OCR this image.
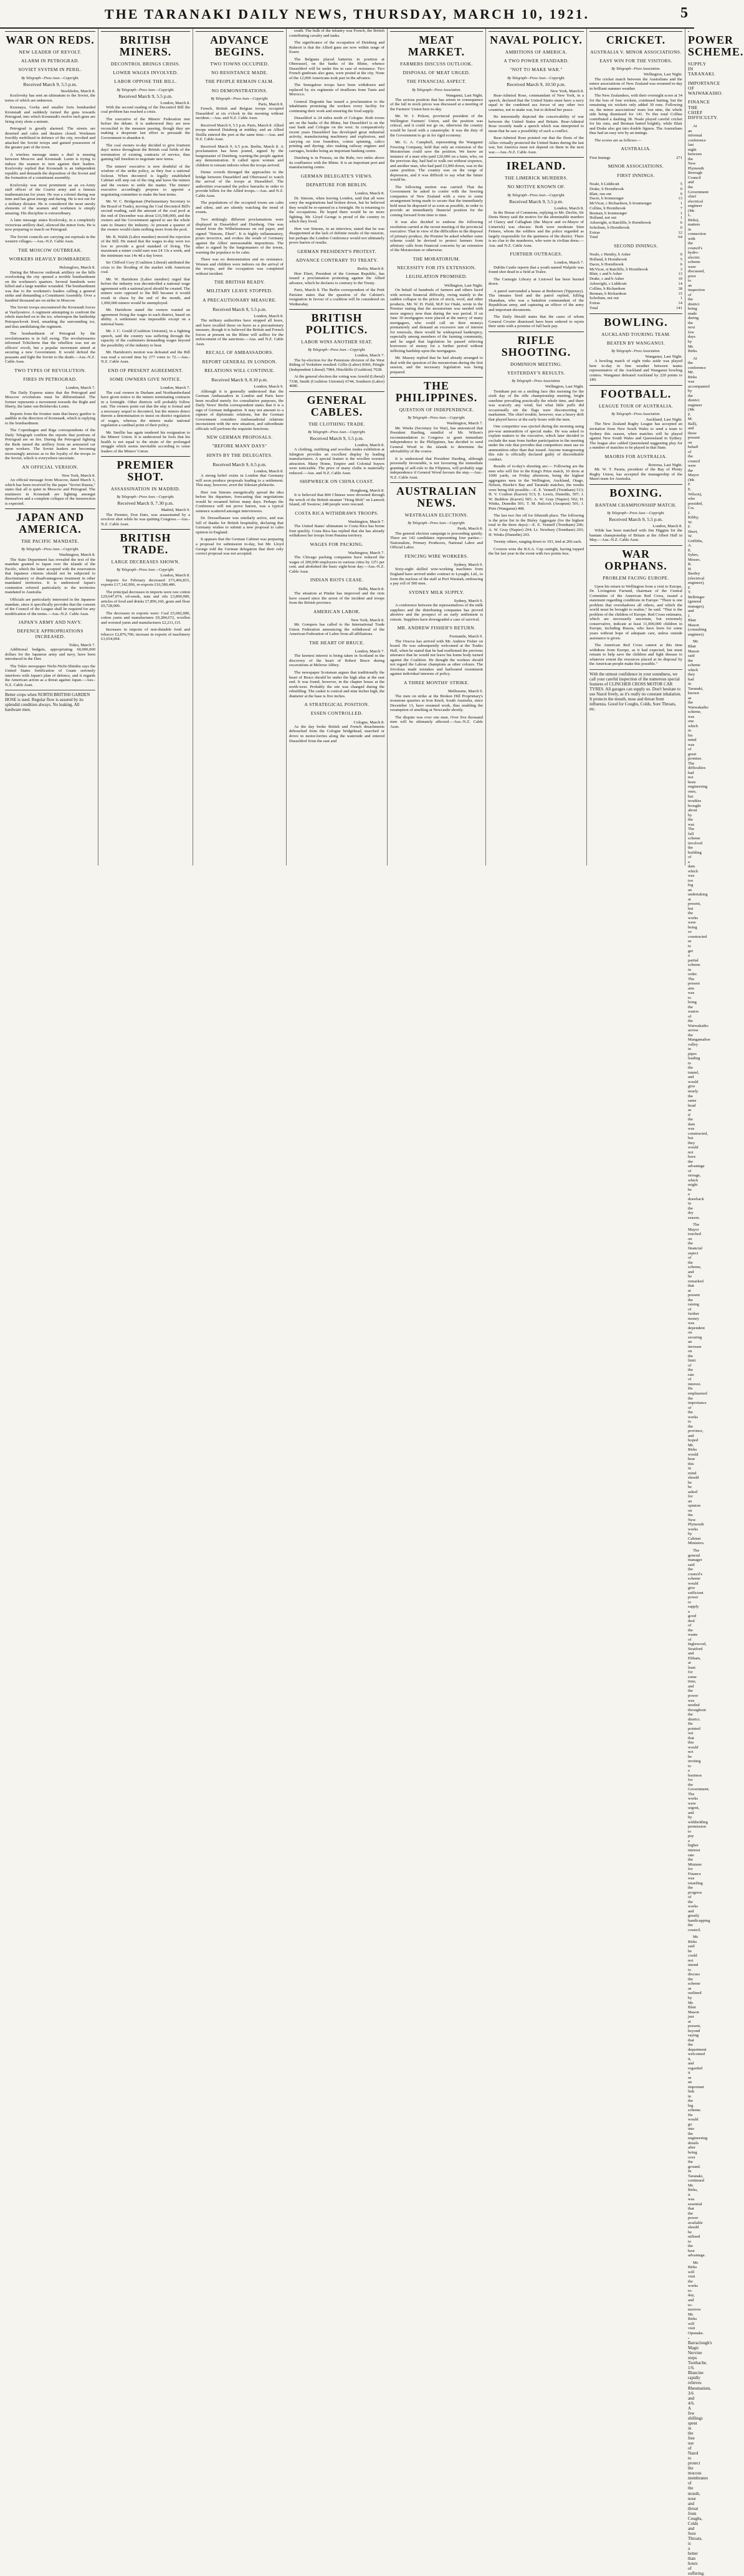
THE TARANAKI DAILY NEWS, THURSDAY, MARCH 10, 1921.	5
WAR ON REDS.
NEW LEADER OF REVOLT.
ALARM IN PETROGRAD.
SOVIET SYSTEM IN PERIL.
By Telegraph—Press Assn.—Copyright.
Received March 9, 5.5 p.m.
Stockholm, March 8.

Kozlovsky has sent an ultimatum to the Soviet, the terms of which are unknown.

Krasnaya, Gorka and smaller forts bombarded Kronstadt and suddenly turned the guns towards Petrograd, into which Kronstadt's twelve inch guns are firing sixty shots a minute.

Petrograd is greatly alarmed. The streets are deserted and cafes and theatres closed. Workmen forcibly mobilised in defence of the city, revolted and attacked the Soviet troops and gained possession of the greater part of the town.

A wireless message states a duel is ensuing between Moscow and Kronstadt. Lenin is trying to induce the seamen to turn against their leaders. Kozlovsky replied that Kronstadt is an independent republic and demands the deposition of the Soviet and the formation of a constituent assembly.

Kozlovsky was most prominent as an ex-Army staff officer of the Czarist army and a famous mathematician for years. He was a colonel during war time and has great energy and daring. He is not out for a military dictator. He is considered the most unruly elements of the seamen and workmen is simply amazing. His discipline is extraordinary.

A later message states Kozlovsky, in a completely victorious artillery duel, silenced the minor forts. He is now preparing to march on Petrograd.

The Soviet councils are carrying out reprisals in the western villages.—Aus.-N.Z. Cable Assn.

THE MOSCOW OUTBREAK.
WORKERS HEAVILY BOMBARDED.
Helsingfors, March 8.

During the Moscow outbreak artillery on the hills overlooking the city opened a terrible bombardment on the workmen's quarters. Several hundreds were killed and a large number wounded. The bombardment was due to the workmen's leaders calling a general strike and demanding a Constituent Assembly. Over a hundred thousand are on strike in Moscow.

The Soviet troops encountered the Kronstadt forces at Vasilyostrov. A regiment attempting to confront the rebels marched on to the ice, whereupon the battleship Petropavlovsk fired, smashing the surrounding ice, and thus annihilating the regiment.

The bombardment of Petrograd by the revolutionaries is in full swing. The revolutionaries informed Tchicherin that the rebellion was not an officers' revolt, but a popular movement aimed at securing a new Government. It would defend the peasants and fight the Soviet to the death.—Aus.-N.Z. Cable Assn.

TWO TYPES OF REVOLUTION.
FIRES IN PETROGRAD.
London, March 7.

The Daily Express states that the Petrograd and Moscow revolutions must be differentiated. The former represents a movement towards the Right and liberty, the latter out-Bolsheviks Lenin.

Reports from the frontier state that heavy gunfire is audible in the direction of Kronstadt, which is replying to the bombardment.

The Copenhagen and Riga correspondents of the Daily Telegraph confirm the reports that portions of Petrograd are on fire. During the Petrograd fighting the Reds turned the artillery from an armoured car upon workers. The Soviet leaders are becoming increasingly anxious as to the loyalty of the troops to the Soviet, which is everywhere uncertain.

AN OFFICIAL VERSION.
New York, March 8.

An official message from Moscow, dated March 3, which has been received by the paper "Soviet Russia," states that all is quiet in Moscow and Petrograd. The mutineers in Kronstadt are fighting amongst themselves and a complete collapse of the insurrection is expected.

JAPAN AND AMERICA.
THE PACIFIC MANDATE.
By Telegraph—Press Assn.—Copyright.
Washington, March 8.

The State Department has revealed the text of the mandate granted to Japan over the islands of the Pacific, which the latter accepted with the reservation that Japanese citizens should not be subjected to discriminatory or disadvantageous treatment in other mandated territories. It is understood Japan's contention referred particularly to the territories mandated to Australia.

Officials are particularly interested in the Japanese mandate, since it specifically provides that the consent of the Council of the League shall be required for any modification of the terms.—Aus.-N.Z. Cable Assn.

JAPAN'S ARMY AND NAVY.
DEFENCE APPROPRIATIONS INCREASED.
Tokio, March 7.

Additional budgets, appropriating 60,000,000 dollars for the Japanese army and navy, have been introduced in the Diet.

The Tokio newspaper Nichi-Nichi-Shimbu says the United States fortification of Guam seriously interferes with Japan's plan of defence, and it regards the American action as a threat against Japan.—Aus.-N.Z. Cable Assn.

Better crops when NORTH BRITISH GARDEN HOSE is used. Regular flow is assured by its splendid condition always. No leaking. All hardware men.
BRITISH MINERS.
DECONTROL BRINGS CRISIS.
LOWER WAGES INVOLVED.
LABOR OPPOSE THE BILL.
By Telegraph—Press Assn.—Copyright.
Received March 9, 5.5 p.m.
London, March 8.

With the second reading of the Decontrol Bill the coal problem has reached a crisis.

The executive of the Miners' Federation met before the debate. It is understood they are now reconciled to the measure passing, though they are making a desperate last effort to persuade the Government to abandon it.

The coal owners to-day decided to give fourteen days' notice throughout the British coal fields of the termination of existing contracts of service, thus gaining full freedom to negotiate new terms.

The miners' executive is now doubtful of the wisdom of the strike policy, as they fear a national lockout. When decontrol is legally established Cabinet will step out of the ring and leave the miners and the owners to settle the matter. The miners' executive accordingly propose to appoint a negotiating committee to make the best terms.

Mr. W. C. Bridgeman (Parliamentary Secretary to the Board of Trade), moving the Coal Decontrol Bill's second reading, said the amount of the coal pool at the end of December was about £16,500,000, and the owners and the Government agreed to use the whole sum to finance the industry. At present a quarter of the owners would claim nothing more from the pool.

Mr. R. Walsh (Labor member) moved the rejection of the Bill. He stated that the wages to-day were too low to provide a good standard of living. The maximum a miner could earn was £4 13s a week, and the minimum was 14s 4d a day lower.

Sir Clifford Cory (Coalition Liberal) attributed the crisis to the flooding of the market with American coal.

Mr. W. Hartshorn (Labor member) urged that before the industry was decontrolled a national wage agreement with a national pool should be created. The miners were opposed to the Bill because it would result in chaos by the end of the month, and 1,000,000 miners would be unemployed.

Mr. Hartshorn stated the owners wanted an agreement fixing the wages in each district, based on ability. A settlement was impossible except on a national basis.

Mr. J. C. Gould (Coalition Unionist), in a fighting speech, said the country was suffering through the rapacity of the coalminers demanding wages beyond the possibility of the industry to bear.

Mr. Hartshorn's motion was defeated and the Bill was read a second time by 277 votes to 72.—Aus.-N.Z. Cable Assn.

END OF PRESENT AGREEMENT.
SOME OWNERS GIVE NOTICE.
London, March 7.

The coal owners in Durham and Northumberland have given notice to the miners terminating contracts in a fortnight. Other districts will probably follow suit. The owners point out that the step is formal and a necessary sequel to decontrol, but the miners detect therein a determination to insist on district regulation of wages, whereas the miners make national regulation a cardinal point of their policy.

Mr. Smillie has again tendered his resignation to the Miners' Union. It is understood he feels that his health is not equal to the strain of the prolonged struggle which seems inevitable according to some leaders of the Miners' Union.

PREMIER SHOT.
ASSASSINATION IN MADRID.
By Telegraph—Press Assn.—Copyright.
Received March 9, 7.30 p.m.
Madrid, March 9.

The Premier, Don Dato, was assassinated by a revolver shot while he was quitting Congress.—Aus.-N.Z. Cable Assn.

BRITISH TRADE.
LARGE DECREASES SHOWN.
By Telegraph—Press Assn.—Copyright.
London, March 8.

Imports for February decreased £73,466,815, exports £17,142,996, re-exports £16,580,486.

The principal decreases in imports were raw cotton £29,647,074, oil-seeds, nuts and oils £3,890,000, articles of food and drinks £7,896,160, grain and flour £9,728,000.

The decreases in exports were: Coal £5,682,000, cotton yarns and manufactures £9,284,672, woollen and worsted yarns and manufactures £2,211,115.

Increases in imports of non-dutiable food and tobacco £2,876,706; increase in exports of machinery £3,654,094.

ADVANCE BEGINS.
TWO TOWNS OCCUPIED.
NO RESISTANCE MADE.
THE PEOPLE REMAIN CALM.
NO DEMONSTRATIONS.
By Telegraph—Press Assn.—Copyright.
Paris, March 8.

French, British and Belgian troops occupied Dusseldorf at six o'clock in the morning without incident.—Aus. and N.Z. Cable Assn.

Received March 9, 5.5 p.m. Paris, March 8. Allied troops entered Duisberg at midday, and an Allied flotilla entered the port at the same time.—Aus. and N.Z. Cable Assn.

Received March 9, 6.5 p.m. Berlin, March 8. A proclamation has been posted, signed by the burgomaster of Duisberg, warning the people against any demonstration. It called upon women and children to remain indoors when the troops arrived.

Dense crowds thronged the approaches to the bridge between Dusseldorf and Oberrassel to watch the arrival of the troops at Dusseldorf. The authorities evacuated the police barracks in order to provide billets for the Allied troops.—Aus. and N.Z. Cable Assn.

The populations of the occupied towns are calm and silent, and are silently watching the trend of events.

Two strikingly different proclamations were displayed in Dusseldorf and Duisberg. One was issued from the Wilhelmstrasse on red paper, and signed "Simons, Ebert". It is highly inflammatory, pours invective, and evokes the wrath of Germany against the Allies' unreasonable impositions. The other is signed by the burgomasters of the towns, warning the populace to be calm.

There was no demonstration and no resistance. Women and children were indoors on the arrival of the troops, and the occupation was completed without incident.

THE BRITISH READY.
MILITARY LEAVE STOPPED.
A PRECAUTIONARY MEASURE.
Received March 9, 5.5 p.m.
London, March 8.

The military authorities have stopped all leave, and have recalled those on leave as a precautionary measure, though it is believed the British and French forces at present on the Rhine will suffice for the enforcement of the sanctions.—Aus. and N.Z. Cable Assn.

RECALL OF AMBASSADORS.
REPORT GENERAL IN LONDON.
RELATIONS WILL CONTINUE.
Received March 9, 8.10 p.m.
London, March 9.

Although it is generally understood that the German Ambassadors in London and Paris have been recalled merely for consultative purposes, the Daily News' Berlin correspondent states that it is a sign of German indignation. It may not amount to a rupture of diplomatic relations, but the German Government considers Ambassadorial relations inconsistent with the new situation, and subordinate officials will perform the requisite functions.

NEW GERMAN PROPOSALS.
"BEFORE MANY DAYS"
HINTS BY THE DELEGATES.
Received March 9, 6.5 p.m.
London, March 8.

A strong belief exists in London that Germany will soon produce proposals leading to a settlement. This may, however, avert the Silesian plebiscite.

Herr von Simons energetically spread the idea before his departure, forecasting that negotiations would be resumed before many days. Perhaps the Conference will not prove barren, was a typical sentence scattered amongst interviewers.

Dr. Dresselhauser was similarly active, and was full of thanks for British hospitality, declaring that Germany wishes to submit a new proposal to calm opinion in England.

It appears that the German Cabinet was preparing a proposal for submission to-day, but Mr. Lloyd George told the German delegation that their only correct proposal was not accepted.

south. The bulk of the infantry was French, the British contributing cavalry and tanks.

The significance of the occupation of Duisberg and Ruhrort is that the Allied guns are now within range of Essen.

The Belgians placed batteries in position at Oberrassel, on the banks of the Rhine, whence Dusseldorf will be under fire in case of resistance. Two French gunboats also guns, were posted at the city. None of the 12,000 Americans took part in the advance.

The Senegalese troops have been withdrawn and replaced by six regiments of tirailleurs from Tunis and Morocco.

General Degoutte has issued a proclamation to the inhabitants promising the workers every facility for continuing their work and ensuring the food supply.

Dusseldorf is 24 miles north of Cologne. Both towns are on the banks of the Rhine, but Dusseldorf is on the east bank and Cologne on the west. In comparatively recent years Dusseldorf has developed great industrial activity, manufacturing machinery and explosives, and carrying on iron foundries, cotton spinning, calico printing and dyeing; also making railway engines and carriages, besides being an important banking centre.

Duisberg is in Prussia, on the Ruhr, two miles above its confluence with the Rhine. It is an important port and manufacturing centre.

GERMAN DELEGATE'S VIEWS.
DEPARTURE FOR BERLIN.
London, March 8.

Dr. Simons, when leaving London, said that all were sorry the negotiations had broken down, but he believed they would be re-opened in a fortnight. He is returning to the occupations. He hoped there would be no more fighting. Mr. Lloyd George is proud of the country in which they lived.

Herr von Simons, in an interview, stated that he was disappointed at the lack of definite results of the mission, but perhaps the London Conference would not ultimately prove barren of results.

GERMAN PRESIDENT'S PROTEST.
ADVANCE CONTRARY TO TREATY.
Berlin, March 8.

Herr Ebert, President of the German Republic, has issued a proclamation protesting against the Allied advance, which he declares is contrary to the Treaty.

Paris, March 8. The Berlin correspondent of the Petit Parisien states that the question of the Cabinet's resignation in favour of a coalition will be considered on Wednesday.

BRITISH POLITICS.
LABOR WINS ANOTHER SEAT.
By Telegraph—Press Assn.—Copyright.
London, March 7.

The by-election for the Penistone division of the West Riding of Yorkshire resulted: Gillis (Labor) 8560, Pringle (Independent Liberal) 7984, Hinchliffe (Coalition) 7028.

At the general election the voting was Arnold (Liberal) 7338, Smith (Coalition Unionist) 6744, Southern (Labor) 4686.

GENERAL CABLES.
THE CLOTHING TRADE.
By Telegraph—Press Assn.—Copyright.
Received March 9, 5.5 p.m.
London, March 8.

A clothing, outfitting and woollen trades exhibition at Islington provides an excellent display by leading manufacturers. A special feature is the woollen worsted attraction. Many Home, Empire and Colonial buyers were noticeable. The price of many cloths is materially reduced.—Aus. and N.Z. Cable Assn.

SHIPWRECK ON CHINA COAST.
Hongkong, March 8.

It is believed that 800 Chinese were drowned through the wreck of the British steamer "Hong Moh" on Lamock Island, off Swatow; 248 people were rescued.

COSTA RICA WITHDRAWS TROOPS.
Washington, March 7.

The United States' ultimatum to Costa Rica has borne fruit quickly. Costa Rica has replied that she has already withdrawn her troops from Panama territory.

WAGES FOR PACKING.
Washington, March 7.

The Chicago packing companies have reduced the wages of 200,000 employees in various cities by 12½ per cent. and abolished the basic eight-hour day.—Aus.-N.Z. Cable Assn.

INDIAN RIOTS CEASE.
Delhi, March 8.

The situation at Pindar has improved and the riots have ceased since the arrest of the incident and troops from the British province.

AMERICAN LABOR.
New York, March 8.

Mr. Gompers has called to the International Trade Union Federation announcing the withdrawal of the American Federation of Labor from all affiliations.

THE HEART OF BRUCE.
London, March 7.

The keenest interest is being taken in Scotland in the discovery of the heart of Robert Bruce during excavations at Melrose Abbey.

The newspaper Scotsman argues that traditionally the heart of Bruce should be under the high altar at the east end. It was found, however, in the chapter house at the north-west. Probably the site was changed during the rebuilding. The casket is conical and nine inches high, the diameter at the base is five inches.

A STRATEGICAL POSITION.
ESSEN CONTROLLED.
Cologne, March 8.

As the day broke British and French detachments debouched from the Cologne bridgehead, marched or drove in motor-lorries along the waterside and entered Dusseldorf from the east and

MEAT MARKET.
FARMERS DISCUSS OUTLOOK.
DISPOSAL OF MEAT URGED.
THE FINANCIAL ASPECT.
By Telegraph—Press Association.
Wanganui, Last Night.

The serious position that has arisen in consequence of the fall in stock prices was discussed at a meeting of the Farmers' Union here to-day.

Mr. W. J. Polson, provincial president of the Wellington Farmers' Union, said the position was critical, and it could not go on, otherwise the country would be faced with a catastrophe. It was the duty of the Government to go in for rigid economy.

Mr. G. A. Campbell, representing the Wanganui Freezing Company, held that only an extension of the Moratorium could save the position. We know an instance of a man who paid £20,000 on a farm, who, on the previous day, had had to walk out without sixpence, and another man, who had paid £3,000 down, was in the same position. The country was on the verge of depression, and it was difficult to say what the future would be.

The following motion was carried: That the Government be asked to confer with the freezing companies of New Zealand with a view to some arrangement being made to secure that the immediately held meat be disposed of as soon as possible, in order to provide an immediately financial position for the coming forward from time to time.

It was also decided to endorse the following resolution carried at the recent meeting of the provincial executive: That in view of the difficulties in the disposal of primary produce, the Premier be asked whether some scheme could be devised to protect farmers from arbitrary calls from financial concerns by an extension of the Moratorium or otherwise.

THE MORATORIUM.
NECESSITY FOR ITS EXTENSION.
LEGISLATION PROMISED.
Wellington, Last Night.

On behalf of hundreds of farmers and others faced with serious financial difficulty, owing mainly to the sudden collapse in the prices of stock, wool, and other products, Mr. W. H. Field, M.P. for Otaki, wrote to the Premier stating that the moratorium was needed with more urgency now than during the war period. If on June 30 mortgagees were placed at the mercy of many mortgagees, who could call on their moneys prematurely and demand an excessive rate of interest for renewals, there would be widespread bankruptcy, especially among members of the farming community, and he urged that legislation be passed relieving borrowers of money for a further period without inflicting hardship upon the mortgagees.

Mr. Massey replied that he had already arranged to deal with the question of the moratorium during the first session, and the necessary legislation was being prepared.

THE PHILIPPINES.
QUESTION OF INDEPENDENCE.
By Telegraph—Press Assn.—Copyright.
Washington, March 7.

Mr. Weeks (Secretary for War), has announced that President Harding, mindful of Mr. Wilson's recommendation to Congress to grant immediate independence to the Philippines, has decided to send General Wood to the islands to determine the advisability of the course.

It is understood that President Harding, although personally favourable, is not favouring the immediate granting of self-rule to the Filipinos, will probably urge independence if General Wood favours the step.—Aus.-N.Z. Cable Assn.

AUSTRALIAN NEWS.
WESTRALIAN ELECTIONS.
By Telegraph—Press Assn.—Copyright.
Perth, March 8.

The general election campaign is proceeding quietly. There are 142 candidates representing four parties—Nationalists, Primary Producers, National Labor and Official Labor.

FENCING WIRE WORKERS.
Sydney, March 9.

Sixty-eight skilled wire-working machines from England have arrived under contract to Lysaght, Ltd., to form the nucleus of the staff at Port Waratah, embracing a pay roll of 500 men.

SYDNEY MILK SUPPLY.
Sydney, March 9.

A conference between the representatives of the milk suppliers and the distributing companies has proved abortive and the prospect of an early settlement is remote. Suppliers have downgraded a case of survival.

MR. ANDREW FISHER'S RETURN.
Fremantle, March 9.

The Orsova has arrived with Mr. Andrew Fisher on board. He was subsequently welcomed at the Trades Hall, when he stated that he had reaffirmed the previous utterance that he would not leave his home body turned against the Coalition. He thought the workers should not regard the Labour champions as other colours. The frivolous made mistakes and harboured resentment against individual interests of policy.

A THREE MONTHS' STRIKE.
Melbourne, March 9.

The men on strike at the Broken Hill Proprietary's ironstone quarries at Iron Knob, South Australia, since December 13, have resumed work, thus enabling the resumption of smelting at Newcastle shortly.

The dispute was over one man. Over five thousand men will be ultimately affected.—Aus.-N.Z. Cable Assn.

NAVAL POLICY.
AMBITIONS OF AMERICA.
A TWO POWER STANDARD.
"NOT TO MAKE WAR."
By Telegraph—Press Assn.—Copyright.
Received March 9, 10.50 p.m.
New York, March 8.

Rear-Admiral Rose, commandant of New York, in a speech, declared that the United States must have a navy equal to the combined sea forces of any other two countries, not to make war, but to defend her peace.

He interestedly depicted the conceivability of war between the United States and Britain. Rear-Admiral Rose recently made a speech which was interpreted to mean that he saw a possibility of such a conflict.

Rear-Admiral Rose pointed out that the fleets of the Allies virtually protected the United States during the last war, but America must not depend on them in the next war.—Aus.-N.Z. Cable Assn.

IRELAND.
THE LIMERICK MURDERS.
NO MOTIVE KNOWN OF.
By Telegraph—Press Assn.—Copyright.
Received March 9, 5.5 p.m.
London, March 8.

In the House of Commons, replying to Mr. Devlin, Sir Denis Henry said the motive for the abominable murders of Clancy and Callaghan (the Mayor and ex-Mayor of Limerick) was obscure. Both were moderate Sinn Feiners, whom the soldiers and the police regarded as largely responsible for the quietness of the district. There is no clue to the murderers, who were in civilian dress.—Aus. and N.Z. Cable Assn.

FURTHER OUTRAGES.
London, March 7.

Dublin Castle reports that a youth named Walpole was found shot dead in a field at Tralee.

The Carnegie Library at Listowel has been burned down.

A patrol surrounded a house at Redstown (Tipperary). The inmates fired and the patrol replied, killing Shanahan, who was a battalion commandant of the Republican army, and capturing an officer of the army and important documents.

The Daily Herald states that the cases of whom General Crozier dismissed have been ordered to rejoin their units with a promise of full back pay.

RIFLE SHOOTING.
DOMINION MEETING.
YESTERDAY'S RESULTS.
By Telegraph—Press Association.
Wellington, Last Night.

Trentham put on a smiling face this morning for the sixth day of the rifle championship meeting, bright sunshine prevailing practically the whole time, and there was scarcely any wind, but what little puffs did occasionally stir the flags were disconcerting to marksmen. The chief trouble, however, was a heavy drift that played havoc at the early hours with the men.

One competitor was ejected during the morning using pre-war ammunition of special make. He was asked to explain matters to the executive, which later decided to exclude the man from further participation in the meeting under the rule that provides that competitors must use no ammunition other than that issued. Anyone transgressing this rule is officially declared guilty of discreditable conduct.

Results of to-day's shooting are:— Following are the men who will fire in the King's Prize match, 10 shots at 1000 yards, on Friday afternoon, being the highest aggregates men in the Wellington, Auckland, Otago, Nelson, Hawke's Bay and Taranaki matches, the results were being 666 possible.—E. E. Vennell (Trentham) 513; H. V. Coulton (Karori) 513; E. Lewis, Dunedin, 507; J. W. Beddow (Karori) 505; A. W. Gray (Napier) 502; H. Winks, Dunedin 501; T. M. Bulcock (Awapuni) 501; J. Pirie (Wanganui) 498.

The last two fire off for fifteenth place. The following is the prize list in the Bisley Aggregate (for the highest total in the three days):—E. E. Vennell (Trentham) 206; A. W. Gray (Napier) 204; Lt. Newbury (Trentham) 203; H. Winks (Dunedin) 203.

Twenty others, ranging down to 193, tied at 206 each.

Croxton wins the B.S.A. Cup outright, having topped the list last year in the event with two points less.

CRICKET.
AUSTRALIA V. MINOR ASSOCIATIONS.
EASY WIN FOR THE VISITORS.
By Telegraph—Press Association.
Wellington, Last Night.

The cricket match between the Australians and the minor associations of New Zealand was resumed to-day in brilliant summer weather.

The New Zealanders, with their overnight score at 34 for the loss of four wickets, continued batting, but the remaining six wickets only added 30 runs. Following on, the minor associations' team lost nine, the whole side being dismissed for 141. To this total Collins contributed a dashing 38. Neale played careful cricket for his runs, and Berman batted brightly, while Blair and Drake also got into double figures. The Australians thus had an easy win by an innings.

The scores are as follows:—

AUSTRALIA.
First Innings	271
MINOR ASSOCIATIONS.
FIRST INNINGS.
Neale, b Liddicutt	5
Drake, b Hornibrook	0
Blair, run out	9
Dacre, b Ironmonger	13
McVicar, c Richardson, b Ironmonger	1
Collins, b Hornibrook	7
Berman, b Ironmonger	1
Holland, not out	1
Arkwright, st Ratcliffe, b Hornibrook	6
Scholium, b Hornibrook	0
Extras	12
Total	64
SECOND INNINGS.
Neale, c Hendry, b Asher	0
Holland, b Hornibrook	5
Dacre, b Hornibrook	6
McVicar, st Ratcliffe, b Hornibrook	3
Blair, c and b Asher	13
Drake, c and b Asher	10
Arkwright, c Liddicutt	14
Collins, b Richardson	38
Berman, b Richardson	15
Scholium, not out	1
Extras	14
Total	141
BOWLING.
AUCKLAND TOURING TEAM.
BEATEN BY WANGANUI.
By Telegraph—Press Association.
Wanganui, Last Night.

A bowling match of eight rinks aside was played here to-day in fine weather between teams representative of the Auckland and Wanganui bowling centres. Wanganui defeated Auckland by 220 points to 180.

FOOTBALL.
LEAGUE TOUR OF AUSTRALIA.
By Telegraph—Press Association.
Auckland, Last Night.

The New Zealand Rugby League has accepted an invitation from New South Wales to send a team to Sydney this season, when matches will be played against New South Wales and Queensland in Sydney. The league also cabled Queensland suggesting play for a number of matches to be played in that State.

MAORIS FOR AUSTRALIA.
Rotorua, Last Night.

Mr. W. T. Parata, president of the Bay of Plenty Rugby Union, has accepted the managership of the Maori team for Australia.

BOXING.
BANTAM CHAMPIONSHIP MATCH.
By Telegraph—Press Assn.—Copyright.
Received March 9, 5.5 p.m.
London, March 8.

Wilde has been matched with Jim Higgins for the bantam championship of Britain at the Albert Hall in May.—Aus.-N.Z. Cable Assn.

WAR ORPHANS.
PROBLEM FACING EUROPE.

Upon his return to Wellington from a visit to Europe, Dr. Livingston Farrand, chairman of the Central Committee of the American Red Cross, issued a statement regarding conditions in Europe: "There is one problem that overshadows all others, and which the world must be brought to realise," he said. "That is the problem of the children of Europe. Red Cross estimates, which are necessarily uncertain, but extremely conservative, indicate at least 11,000,000 children in Europe, including Russia, who have been for some years without hope of adequate care, unless outside assistance is given.

The American Red Cross cannot at this time withdraw from Europe, as it had expected, but must remain to help save the children and fight disease to whatever extent the resources placed at its disposal by the American people make this possible."

With the utmost confidence in your soundness, we call your careful inspection of the numerous special features of CLINCHER CROSS MOTOR CAR TYRES. All garages can supply us. Don't hesitate to use Nazol freely, as it's really no constant inhalation. It protects the mouth, nose and throat from influenza. Good for Coughs, Colds, Sore Throats, etc.
POWER SCHEME.
SUPPLY IN TARANAKI.
IMPORTANCE OF WAIWAKAIHO.
FINANCE THE CHIEF DIFFICULTY.

At an informal conference last night between the New Plymouth Borough Council and the Government chief electrical engineer (Mr. L. Birks), matters in connection with the council's hydro-electric scheme were discussed, prior to an inspection of the district being made during the next few days by Mr. Birks.

At the conference Mr. Birks was accompanied by the district engineer (Mr. F. M. Ball), and those present on behalf of the council were the Mayor (Mr. F. E. Wilson), who presided, Crs. J. Kibby, W. F. Short, W. Griffiths, A. E. Sykes, Messrs. R. H. Bartley (electrical engineer), F. T. Bellringer (general manager), and J. Blair Mason (consulting engineer).

Mr. Blair Mason said the scheme which they had in Taranaki, known as the Waiwakaiho scheme, was one which in his mind was of great promise. The difficulties had not been engineering ones, but troubles brought about by the war. The full scheme involved the building of a dam which was too big an undertaking at present, but the works were being so constructed as to get a partial scheme in order. The present aim was to bring the waters of the Waiwakaiho across the Mangamahoe valley in pipes leading to the tunnel, and would give nearly the same head as if the dam was constructed, but they would not have the advantage of storage, which might be a drawback in the dry season.

The Mayor touched on the financial aspect of the scheme, and he remarked that at present the raising of further money was dependent on securing an increase on the limit of the rate of interest. He emphasised the importance of the works to the province, and hoped Mr. Birks would bear this in mind should he be asked for an opinion on the New Plymouth works by Cabinet Ministers.

The general manager said the council's scheme would give sufficient power to supply a good deal of the wants of Inglewood, Stratford and Eltham, at least for some time, and the power was needed throughout the district. He pointed out that this would not be inviting to a business for the Government. The works were urgent, and by withholding permission to pay a higher interest rate the Minister for Finance was retarding the progress of the works and greatly handicapping the council.

Mr. Birks said he could not intend to discuss the scheme as outlined by Mr. Blair Mason just at present, beyond saying that the department welcomed it, and regarded it as an important link in the big scheme. He would go into the engineering details after being over the ground. In Taranaki, continued Mr. Birks, it was essential that the power available should be utilised to the best advantage.

Mr. Birks will visit the works to-day, and to-morrow Mr. Birks will visit Opunake.

Barraclough's Magic Nervine stops Toothache, 1/6. Blancine rapidly relieves Rheumatism, 3/6 and 4/6. A few shillings spent in the free use of Nazol to protect the mucous membranes of the mouth, nose and throat from Coughs, Colds and Sore Throats, is a better than hours of suffering.
